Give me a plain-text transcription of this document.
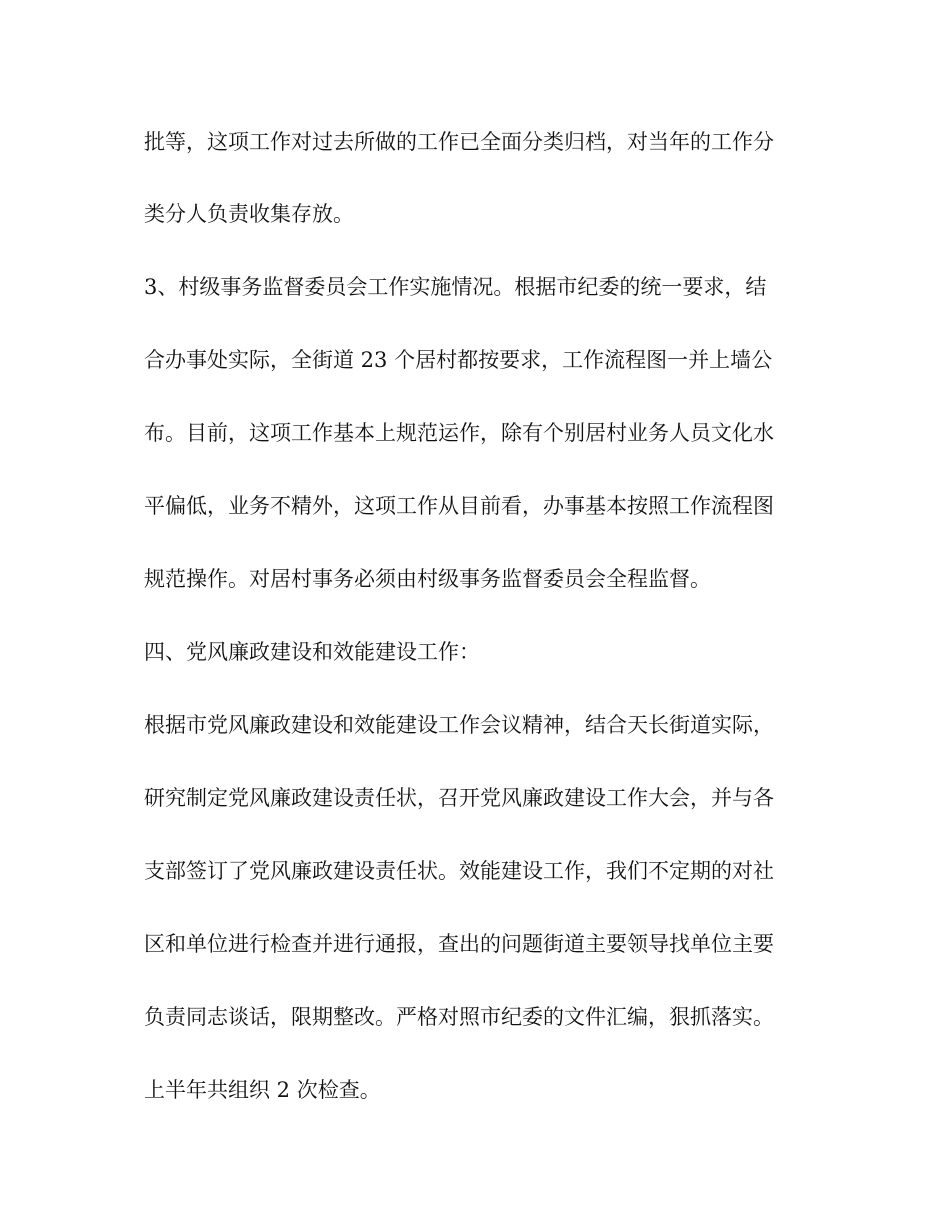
批等，这项工作对过去所做的工作已全面分类归档，对当年的工作分

类分人负责收集存放。

3、村级事务监督委员会工作实施情况。根据市纪委的统一要求，结

合办事处实际，全街道 23 个居村都按要求，工作流程图一并上墙公

布。目前，这项工作基本上规范运作，除有个别居村业务人员文化水

平偏低，业务不精外，这项工作从目前看，办事基本按照工作流程图

规范操作。对居村事务必须由村级事务监督委员会全程监督。

四、党风廉政建设和效能建设工作：

根据市党风廉政建设和效能建设工作会议精神，结合天长街道实际，

研究制定党风廉政建设责任状，召开党风廉政建设工作大会，并与各

支部签订了党风廉政建设责任状。效能建设工作，我们不定期的对社

区和单位进行检查并进行通报，查出的问题街道主要领导找单位主要

负责同志谈话，限期整改。严格对照市纪委的文件汇编，狠抓落实。

上半年共组织 2 次检查。
